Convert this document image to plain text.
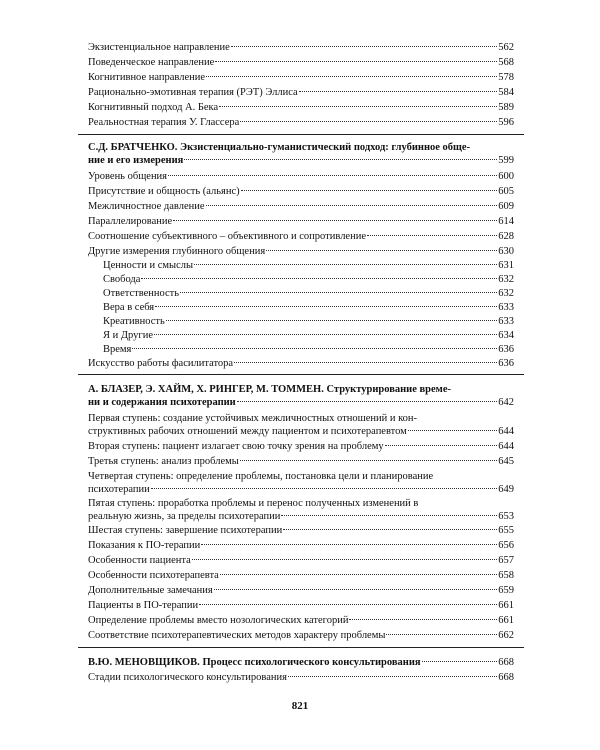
Экзистенциальное направление	562
Поведенческое направление	568
Когнитивное направление	578
Рационально-эмотивная терапия (РЭТ) Эллиса	584
Когнитивный подход А. Бека	589
Реальностная терапия У. Глассера	596
С.Д. БРАТЧЕНКО. Экзистенциально-гуманистический подход: глубинное обще-
ние и его измерения	599
Уровень общения	600
Присутствие и общность (альянс)	605
Межличностное давление	609
Параллелирование	614
Соотношение субъективного – объективного и сопротивление	628
Другие измерения глубинного общения	630
Ценности и смыслы	631
Свобода	632
Ответственность	632
Вера в себя	633
Креативность	633
Я и Другие	634
Время	636
Искусство работы фасилитатора	636
А. БЛАЗЕР, Э. ХАЙМ, Х. РИНГЕР, М. ТОММЕН. Структурирование време-
ни и содержания психотерапии	642
Первая ступень: создание устойчивых межличностных отношений и кон-
структивных рабочих отношений между пациентом и психотерапевтом	644
Вторая ступень: пациент излагает свою точку зрения на проблему	644
Третья ступень: анализ проблемы	645
Четвертая ступень: определение проблемы, постановка цели и планирование
психотерапии	649
Пятая ступень: проработка проблемы и перенос полученных изменений в
реальную жизнь, за пределы психотерапии	653
Шестая ступень: завершение психотерапии	655
Показания к ПО-терапии	656
Особенности пациента	657
Особенности психотерапевта	658
Дополнительные замечания	659
Пациенты в ПО-терапии	661
Определение проблемы вместо нозологических категорий	661
Соответствие психотерапевтических методов характеру проблемы	662
В.Ю. МЕНОВЩИКОВ. Процесс психологического консультирования	668
Стадии психологического консультирования	668
821
